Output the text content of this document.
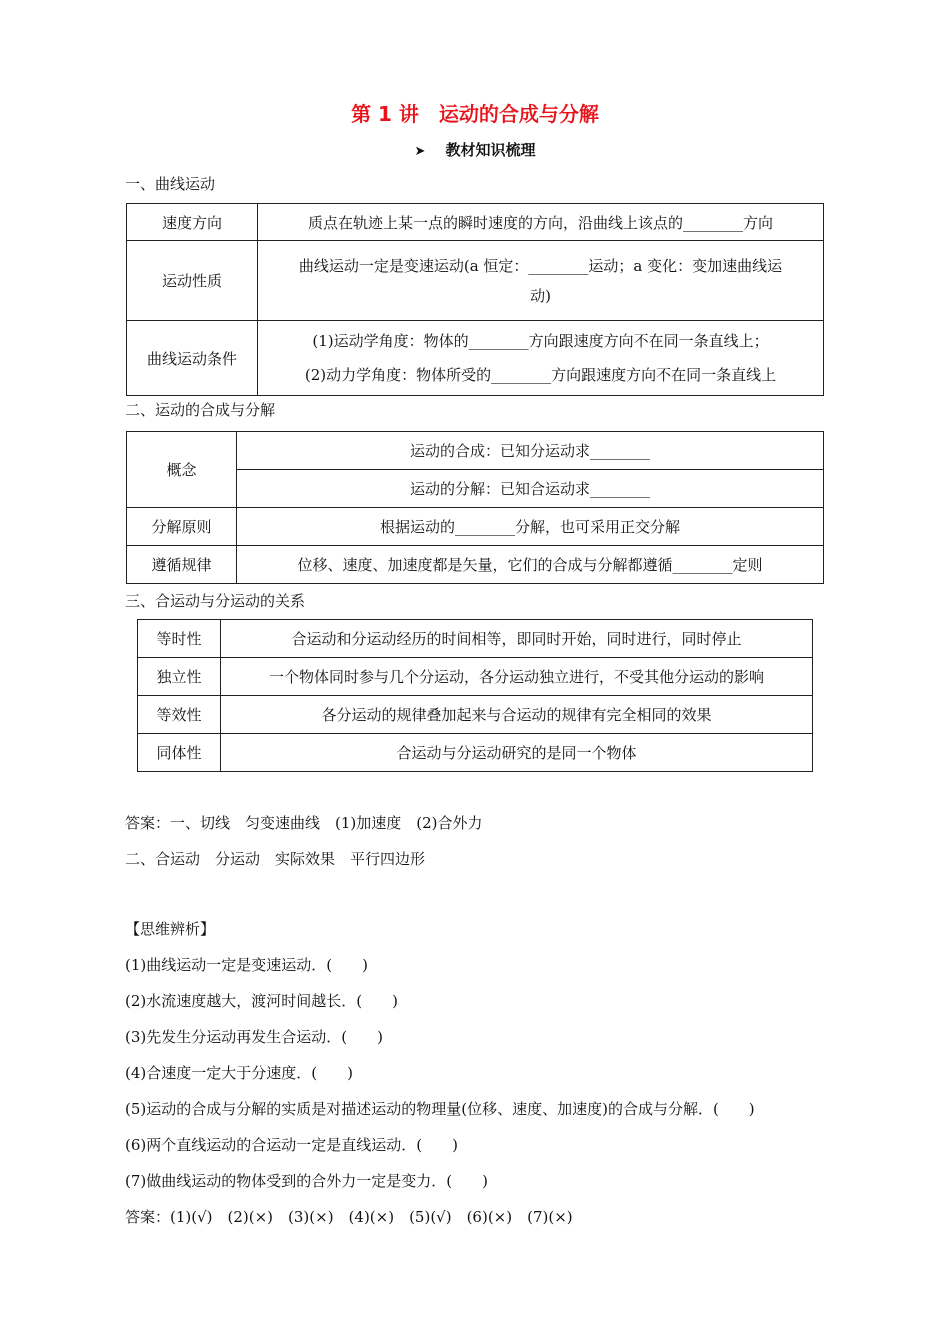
第 1 讲　运动的合成与分解
➤ 教材知识梳理
一、曲线运动
速度方向	质点在轨迹上某一点的瞬时速度的方向，沿曲线上该点的________方向
运动性质	曲线运动一定是变速运动(a 恒定：________运动；a 变化：变加速曲线运
动)

曲线运动条件	(1)运动学角度：物体的________方向跟速度方向不在同一条直线上；
(2)动力学角度：物体所受的________方向跟速度方向不在同一条直线上
二、运动的合成与分解
概念	运动的合成：已知分运动求________
	运动的分解：已知合运动求________
分解原则	根据运动的________分解，也可采用正交分解
遵循规律	位移、速度、加速度都是矢量，它们的合成与分解都遵循________定则
三、合运动与分运动的关系
等时性	合运动和分运动经历的时间相等，即同时开始，同时进行，同时停止
独立性	一个物体同时参与几个分运动，各分运动独立进行，不受其他分运动的影响
等效性	各分运动的规律叠加起来与合运动的规律有完全相同的效果
同体性	合运动与分运动研究的是同一个物体
答案：一、切线　匀变速曲线　(1)加速度　(2)合外力
二、合运动　分运动　实际效果　平行四边形
【思维辨析】
(1)曲线运动一定是变速运动．(　　)
(2)水流速度越大，渡河时间越长．(　　)
(3)先发生分运动再发生合运动．(　　)
(4)合速度一定大于分速度．(　　)
(5)运动的合成与分解的实质是对描述运动的物理量(位移、速度、加速度)的合成与分解．(　　)
(6)两个直线运动的合运动一定是直线运动．(　　)
(7)做曲线运动的物体受到的合外力一定是变力．(　　)
答案：(1)(√)　(2)(×)　(3)(×)　(4)(×)　(5)(√)　(6)(×)　(7)(×)
